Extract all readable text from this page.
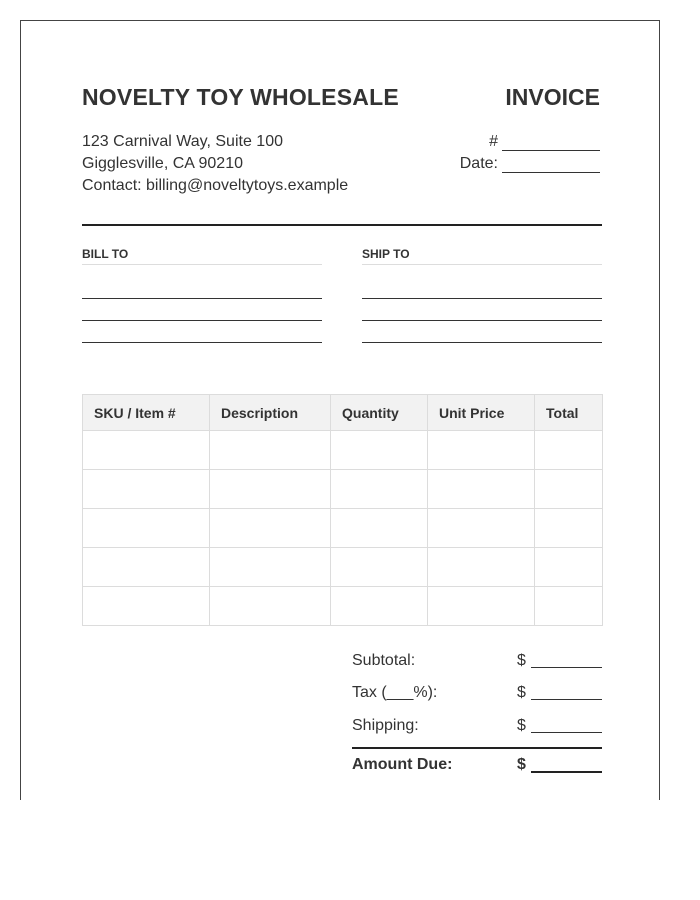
NOVELTY TOY WHOLESALE	INVOICE
123 Carnival Way, Suite 100
Gigglesville, CA 90210
Contact: billing@noveltytoys.example
#
Date:
BILL TO	SHIP TO
SKU / Item #	Description	Quantity	Unit Price	Total

Subtotal:	$
Tax (___%):	$
Shipping:	$
Amount Due:	$
